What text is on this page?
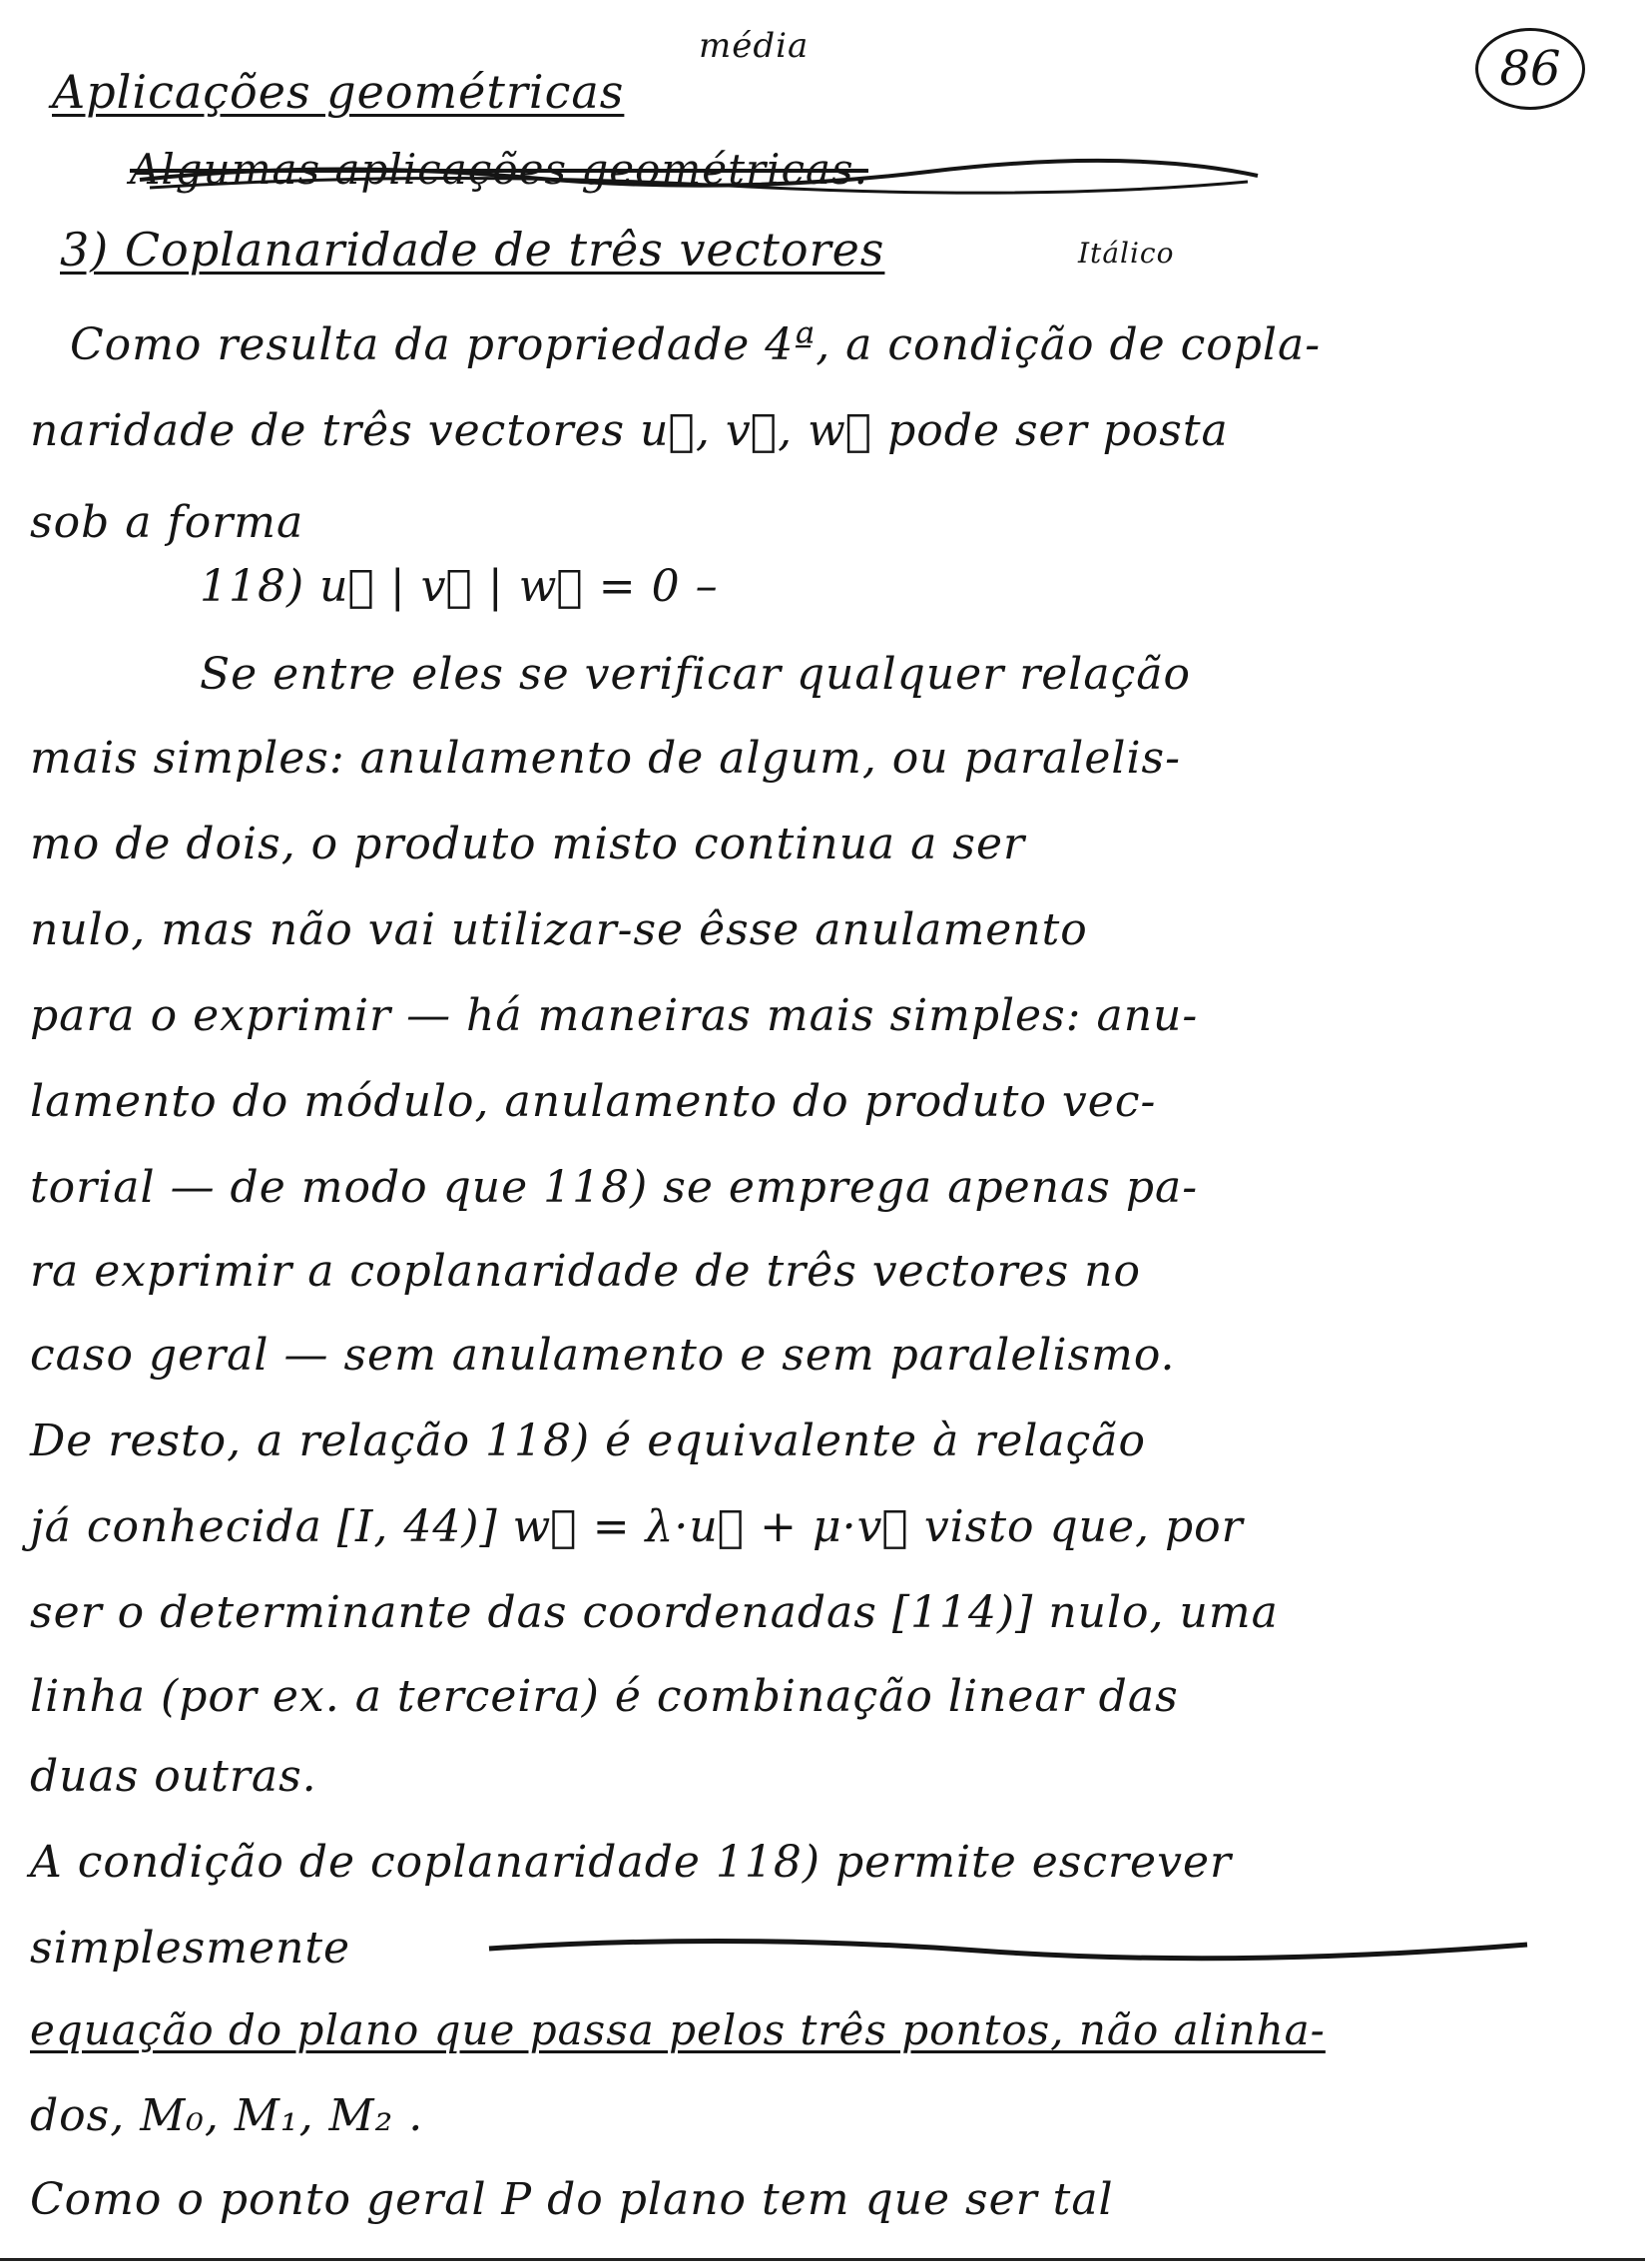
86
Aplicações geométricas
média
Algumas aplicações geométricas.
3) Coplanaridade de três vectores	Itálico
Como resulta da propriedade 4ª, a condição de copla-
naridade de três vectores u⃗, v⃗, w⃗ pode ser posta
sob a forma
118) u⃗ | v⃗ | w⃗ = 0 –
Se entre eles se verificar qualquer relação
mais simples: anulamento de algum, ou paralelis-
mo de dois, o produto misto continua a ser
nulo, mas não vai utilizar-se êsse anulamento
para o exprimir — há maneiras mais simples: anu-
lamento do módulo, anulamento do produto vec-
torial — de modo que 118) se emprega apenas pa-
ra exprimir a coplanaridade de três vectores no
caso geral — sem anulamento e sem paralelismo.
De resto, a relação 118) é equivalente à relação
já conhecida [I, 44)] w⃗ = λ·u⃗ + μ·v⃗ visto que, por
ser o determinante das coordenadas [114)] nulo, uma
linha (por ex. a terceira) é combinação linear das
duas outras.
A condição de coplanaridade 118) permite escrever
simplesmente
equação do plano que passa pelos três pontos, não alinha-
dos, M₀, M₁, M₂ .
Como o ponto geral P do plano tem que ser tal
